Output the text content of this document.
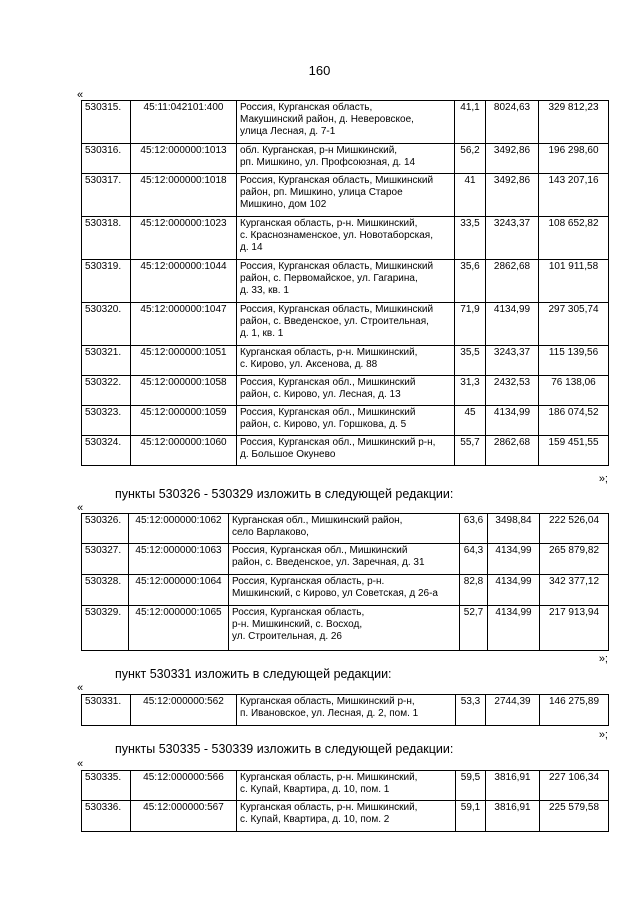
160
«
530315.	45:11:042101:400	Россия, Курганская область,
Макушинский район, д. Неверовское,
улица Лесная, д. 7-1	41,1	8024,63	329 812,23
530316.	45:12:000000:1013	обл. Курганская, р-н Мишкинский,
рп. Мишкино, ул. Профсоюзная, д. 14	56,2	3492,86	196 298,60
530317.	45:12:000000:1018	Россия, Курганская область, Мишкинский
район, рп. Мишкино, улица Старое
Мишкино, дом 102	41	3492,86	143 207,16
530318.	45:12:000000:1023	Курганская область, р-н. Мишкинский,
с. Краснознаменское, ул. Новотаборская,
д. 14	33,5	3243,37	108 652,82
530319.	45:12:000000:1044	Россия, Курганская область, Мишкинский
район, с. Первомайское, ул. Гагарина,
д. 33, кв. 1	35,6	2862,68	101 911,58
530320.	45:12:000000:1047	Россия, Курганская область, Мишкинский
район, с. Введенское, ул. Строительная,
д. 1, кв. 1	71,9	4134,99	297 305,74
530321.	45:12:000000:1051	Курганская область, р-н. Мишкинский,
с. Кирово, ул. Аксенова, д. 88	35,5	3243,37	115 139,56
530322.	45:12:000000:1058	Россия, Курганская обл., Мишкинский
район, с. Кирово, ул. Лесная, д. 13	31,3	2432,53	76 138,06
530323.	45:12:000000:1059	Россия, Курганская обл., Мишкинский
район, с. Кирово, ул. Горшкова, д. 5	45	4134,99	186 074,52
530324.	45:12:000000:1060	Россия, Курганская обл., Мишкинский р-н,
д. Большое Окунево	55,7	2862,68	159 451,55
»;
пункты 530326 - 530329 изложить в следующей редакции:
«
530326.	45:12:000000:1062	Курганская обл., Мишкинский район,
село Варлаково,	63,6	3498,84	222 526,04
530327.	45:12:000000:1063	Россия, Курганская обл., Мишкинский
район, с. Введенское, ул. Заречная, д. 31	64,3	4134,99	265 879,82
530328.	45:12:000000:1064	Россия, Курганская область, р-н.
Мишкинский, с Кирово, ул Советская, д 26-а	82,8	4134,99	342 377,12
530329.	45:12:000000:1065	Россия, Курганская область,
р-н. Мишкинский, с. Восход,
ул. Строительная, д. 26	52,7	4134,99	217 913,94
»;
пункт 530331 изложить в следующей редакции:
«
530331.	45:12:000000:562	Курганская область, Мишкинский р-н,
п. Ивановское, ул. Лесная, д. 2, пом. 1
	53,3	2744,39	146 275,89
»;
пункты 530335 - 530339 изложить в следующей редакции:
«
530335.	45:12:000000:566	Курганская область, р-н. Мишкинский,
с. Купай, Квартира, д. 10, пом. 1	59,5	3816,91	227 106,34
530336.	45:12:000000:567	Курганская область, р-н. Мишкинский,
с. Купай, Квартира, д. 10, пом. 2	59,1	3816,91	225 579,58
